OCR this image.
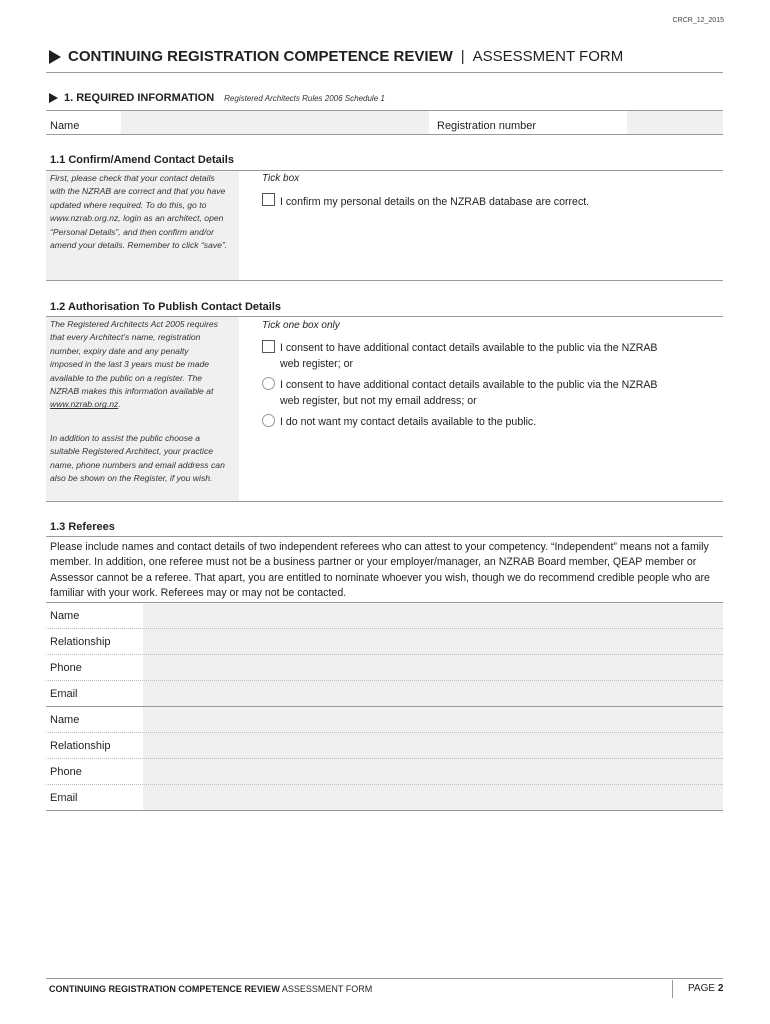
CRCR_12_2015
CONTINUING REGISTRATION COMPETENCE REVIEW | ASSESSMENT FORM
1. REQUIRED INFORMATION Registered Architects Rules 2006 Schedule 1
Name	Registration number
1.1 Confirm/Amend Contact Details
First, please check that your contact details with the NZRAB are correct and that you have updated where required. To do this, go to www.nzrab.org.nz, login as an architect, open “Personal Details”, and then confirm and/or amend your details. Remember to click “save”.
Tick box
I confirm my personal details on the NZRAB database are correct.
1.2 Authorisation To Publish Contact Details
The Registered Architects Act 2005 requires that every Architect’s name, registration number, expiry date and any penalty imposed in the last 3 years must be made available to the public on a register. The NZRAB makes this information available at www.nzrab.org.nz.
In addition to assist the public choose a suitable Registered Architect, your practice name, phone numbers and email address can also be shown on the Register, if you wish.
Tick one box only
I consent to have additional contact details available to the public via the NZRAB web register; or
I consent to have additional contact details available to the public via the NZRAB web register, but not my email address; or
I do not want my contact details available to the public.
1.3 Referees
Please include names and contact details of two independent referees who can attest to your competency. “Independent” means not a family member. In addition, one referee must not be a business partner or your employer/manager, an NZRAB Board member, QEAP member or Assessor cannot be a referee. That apart, you are entitled to nominate whoever you wish, though we do recommend credible people who are familiar with your work. Referees may or may not be contacted.
Name
Relationship
Phone
Email
Name
Relationship
Phone
Email
CONTINUING REGISTRATION COMPETENCE REVIEW ASSESSMENT FORM	PAGE 2
